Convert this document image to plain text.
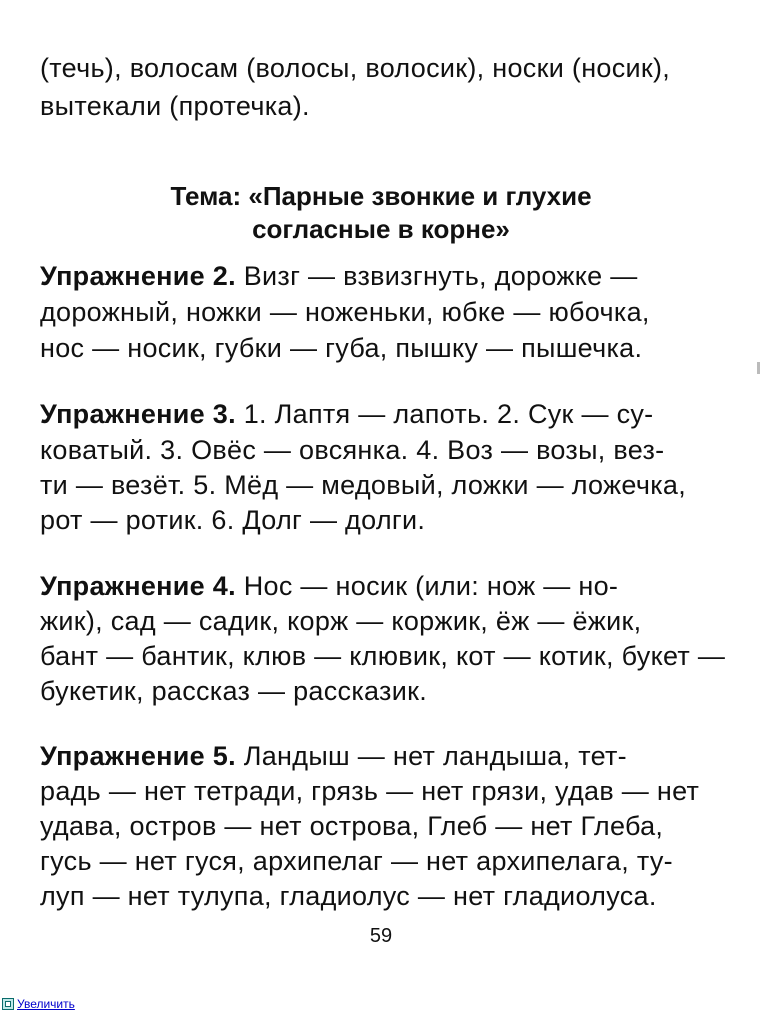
(течь), волосам (волосы, волосик), носки (носик),
вытекали (протечка).
Тема: «Парные звонкие и глухие
согласные в корне»
Упражнение 2. Визг — взвизгнуть, дорожке —
дорожный, ножки — ноженьки, юбке — юбочка,
нос — носик, губки — губа, пышку — пышечка.
Упражнение 3. 1. Лаптя — лапоть. 2. Сук — су-
коватый. 3. Овёс — овсянка. 4. Воз — возы, вез-
ти — везёт. 5. Мёд — медовый, ложки — ложечка,
рот — ротик. 6. Долг — долги.
Упражнение 4. Нос — носик (или: нож — но-
жик), сад — садик, корж — коржик, ёж — ёжик,
бант — бантик, клюв — клювик, кот — котик, букет —
букетик, рассказ — рассказик.
Упражнение 5. Ландыш — нет ландыша, тет-
радь — нет тетради, грязь — нет грязи, удав — нет
удава, остров — нет острова, Глеб — нет Глеба,
гусь — нет гуся, архипелаг — нет архипелага, ту-
луп — нет тулупа, гладиолус — нет гладиолуса.
59
Увеличить
